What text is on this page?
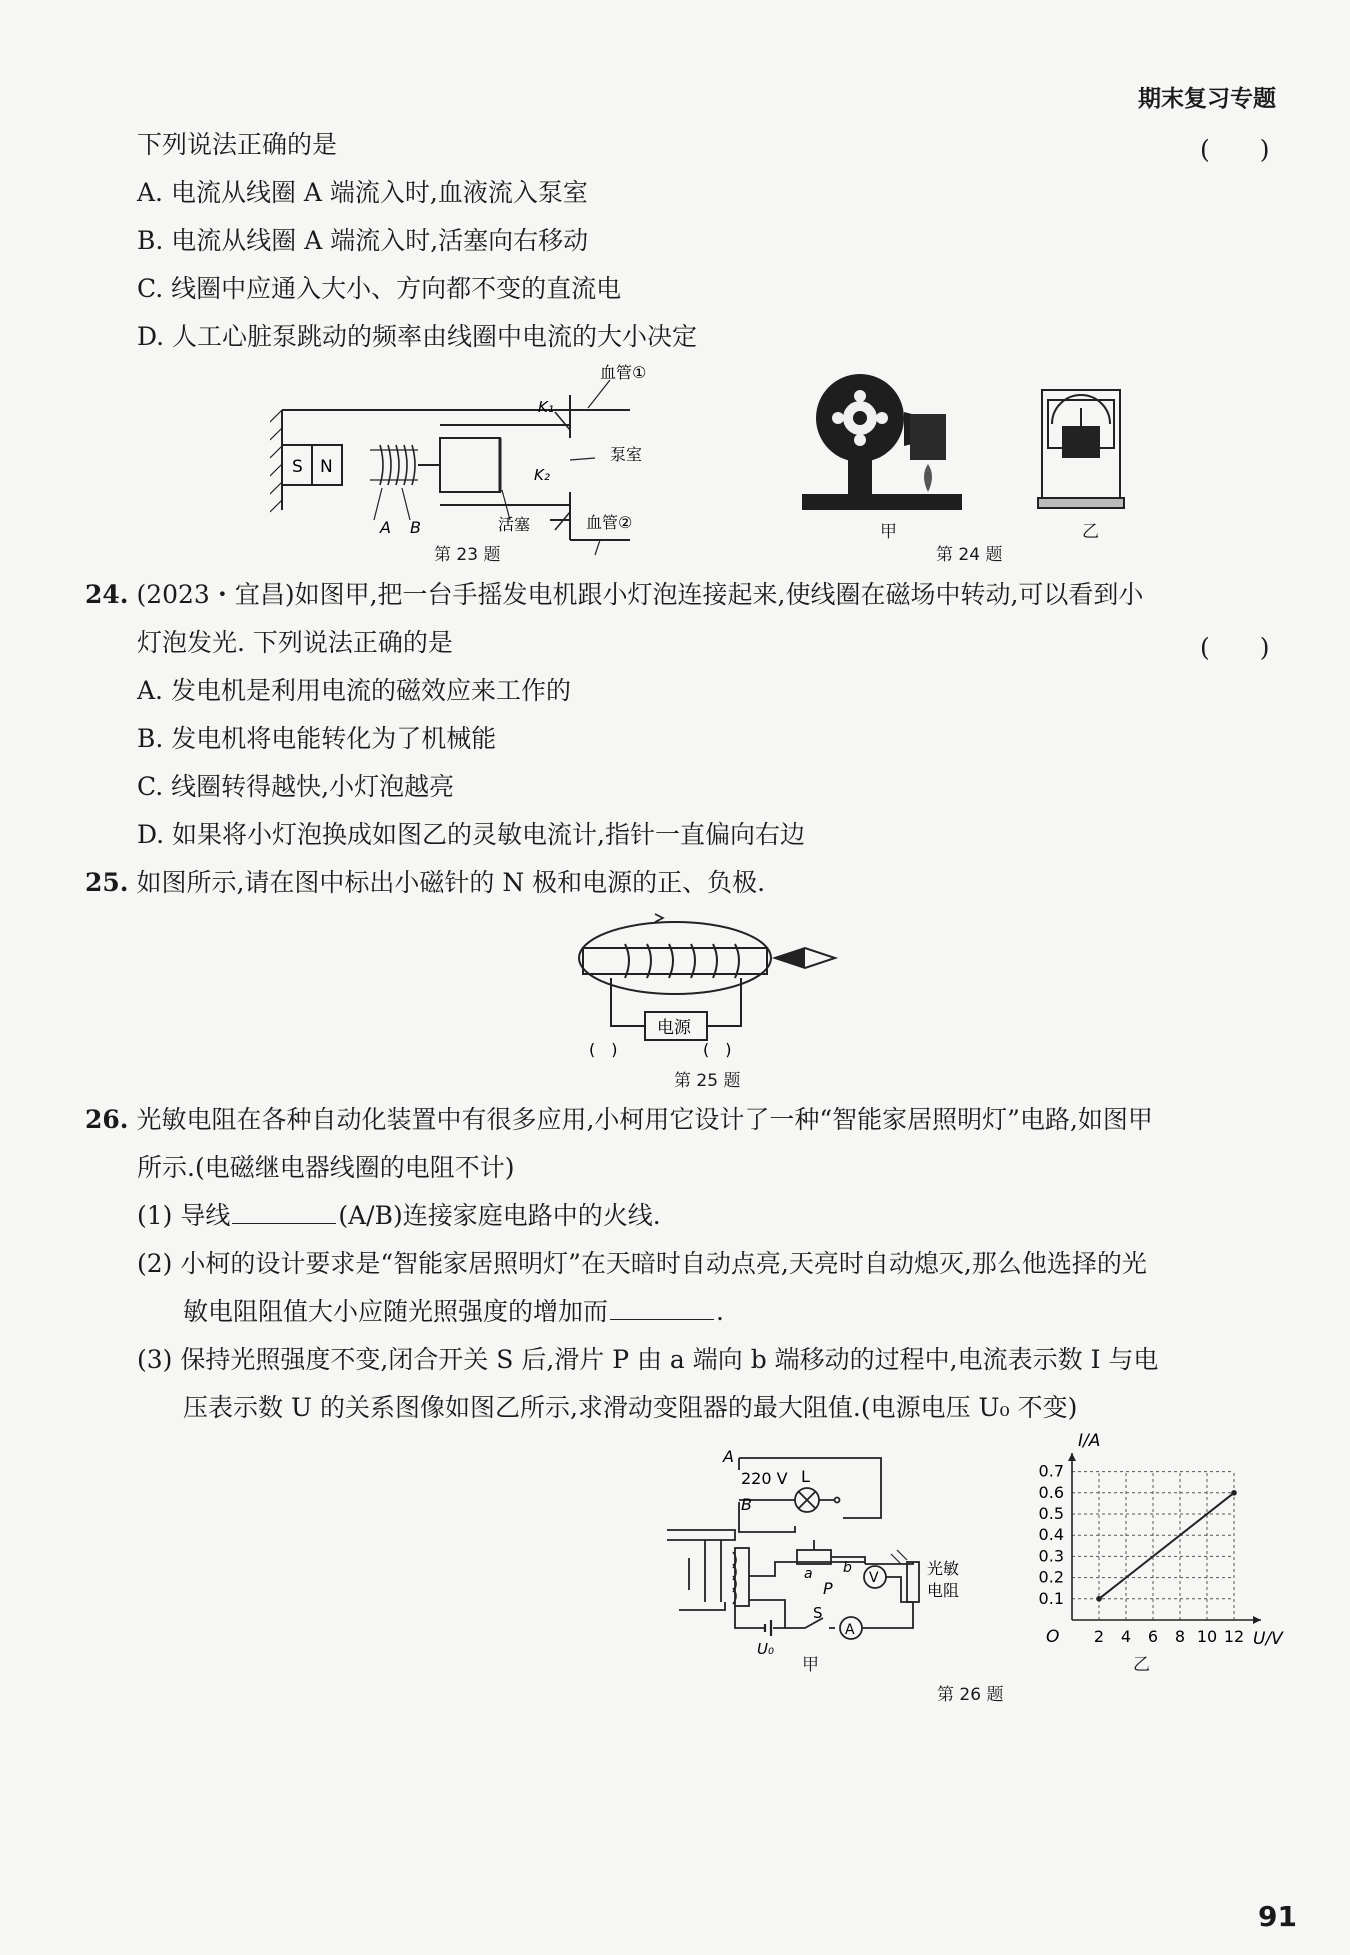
期末复习专题
91
下列说法正确的是	(　　)
A. 电流从线圈 A 端流入时,血液流入泵室
B. 电流从线圈 A 端流入时,活塞向右移动
C. 线圈中应通入大小、方向都不变的直流电
D. 人工心脏泵跳动的频率由线圈中电流的大小决定
S N
K₁
K₂
A B	活塞
泵室
血管①
血管②
第 23 题
甲	乙
第 24 题
24. (2023・宜昌)如图甲,把一台手摇发电机跟小灯泡连接起来,使线圈在磁场中转动,可以看到小
灯泡发光. 下列说法正确的是	(　　)
A. 发电机是利用电流的磁效应来工作的
B. 发电机将电能转化为了机械能
C. 线圈转得越快,小灯泡越亮
D. 如果将小灯泡换成如图乙的灵敏电流计,指针一直偏向右边
25. 如图所示,请在图中标出小磁针的 N 极和电源的正、负极.
电源
(　)	(　)
第 25 题
26. 光敏电阻在各种自动化装置中有很多应用,小柯用它设计了一种“智能家居照明灯”电路,如图甲
所示.(电磁继电器线圈的电阻不计)
(1) 导线	(A/B)连接家庭电路中的火线.
(2) 小柯的设计要求是“智能家居照明灯”在天暗时自动点亮,天亮时自动熄灭,那么他选择的光
敏电阻阻值大小应随光照强度的增加而	.
(3) 保持光照强度不变,闭合开关 S 后,滑片 P 由 a 端向 b 端移动的过程中,电流表示数 I 与电
压表示数 U 的关系图像如图乙所示,求滑动变阻器的最大阻值.(电源电压 U₀ 不变)
A
220 V L
B
a
P
b
S
U₀
A
V	光敏
电阻
甲
2 4 6 8 10 12
0.1
0.2
0.3
0.4
0.5
0.6
0.7
O	U/V
I/A
乙
第 26 题
